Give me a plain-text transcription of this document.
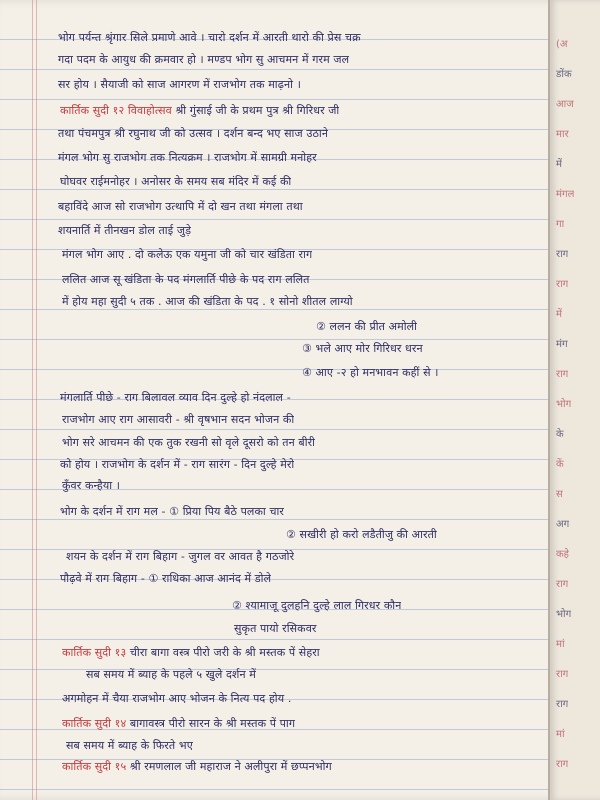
भोग पर्यन्त श्रृंगार सिले प्रमाणे आवे । चारो दर्शन में आरती थारो की प्रेस चक्र
गदा पदम के आयुध की क्रमवार हो । मण्डप भोग सु आचमन में गरम जल
सर होय । सैयाजी को साज आगरण में राजभोग तक माढ़नो ।
कार्तिक सुदी १२ विवाहोत्सव श्री गुंसाई जी के प्रथम पुत्र श्री गिरिधर जी
तथा पंचमपुत्र श्री रघुनाथ जी को उत्सव । दर्शन बन्द भए साज उठाने
मंगल भोग सु राजभोग तक नित्यक्रम । राजभोग में सामग्री मनोहर
घोघवर राईमनोहर । अनोसर के समय सब मंदिर में कई की
बहाविंदे आज सो राजभोग उत्थापि में दो खन तथा मंगला तथा
शयनार्ति में तीनखन डोल ताई जुड़े
मंगल भोग आए . दो कलेऊ एक यमुना जी को चार खंडिता राग
ललित आज सू खंडिता के पद मंगलार्ति पीछे के पद राग ललित
में होय महा सुदी ५ तक . आज की खंडिता के पद . १ सोनो शीतल लाग्यो
② ललन की प्रीत अमोली
③ भले आए मोर गिरिधर धरन
④ आए -२ हो मनभावन कहीं से ।
मंगलार्ति पीछे - राग बिलावल व्याव दिन दुल्हे हो नंदलाल -
राजभोग आए राग आसावरी - श्री वृषभान सदन भोजन की
भोग सरे आचमन की एक तुक रखनी सो वृले दूसरो को तन बीरी
को होय । राजभोग के दर्शन में - राग सारंग - दिन दुल्हे मेरो
कुँवर कन्हैया ।
भोग के दर्शन में राग मल - ① प्रिया पिय बैठे पलका चार
② सखीरी हो करो लडैतीजु की आरती
शयन के दर्शन में राग बिहाग - जुगल वर आवत है गठजोरे
पौढ़वे में राग बिहाग - ① राधिका आज आनंद में डोले
② श्यामाजू दुलहनि दुल्हे लाल गिरधर कौन
सुकृत पायो रसिकवर
कार्तिक सुदी १३ चीरा बागा वस्त्र पीरो जरी के श्री मस्तक पें सेहरा
सब समय में ब्याह के पहले ५ खुले दर्शन में
अगमोहन में चैया राजभोग आए भोजन के नित्य पद होय .
कार्तिक सुदी १४ बागावस्त्र पीरो सारन के श्री मस्तक पें पाग
सब समय में ब्याह के फिरते भए
कार्तिक सुदी १५ श्री रमणलाल जी महाराज ने अलीपुरा में छप्पनभोग
(अ
डोंक
आज
मार
में
मंगल
गा
राग
राग
में
मंग
राग
भोग
के
कें
स
अग
कहे
राग
भोग
मां
राग
राग
मां
राग
